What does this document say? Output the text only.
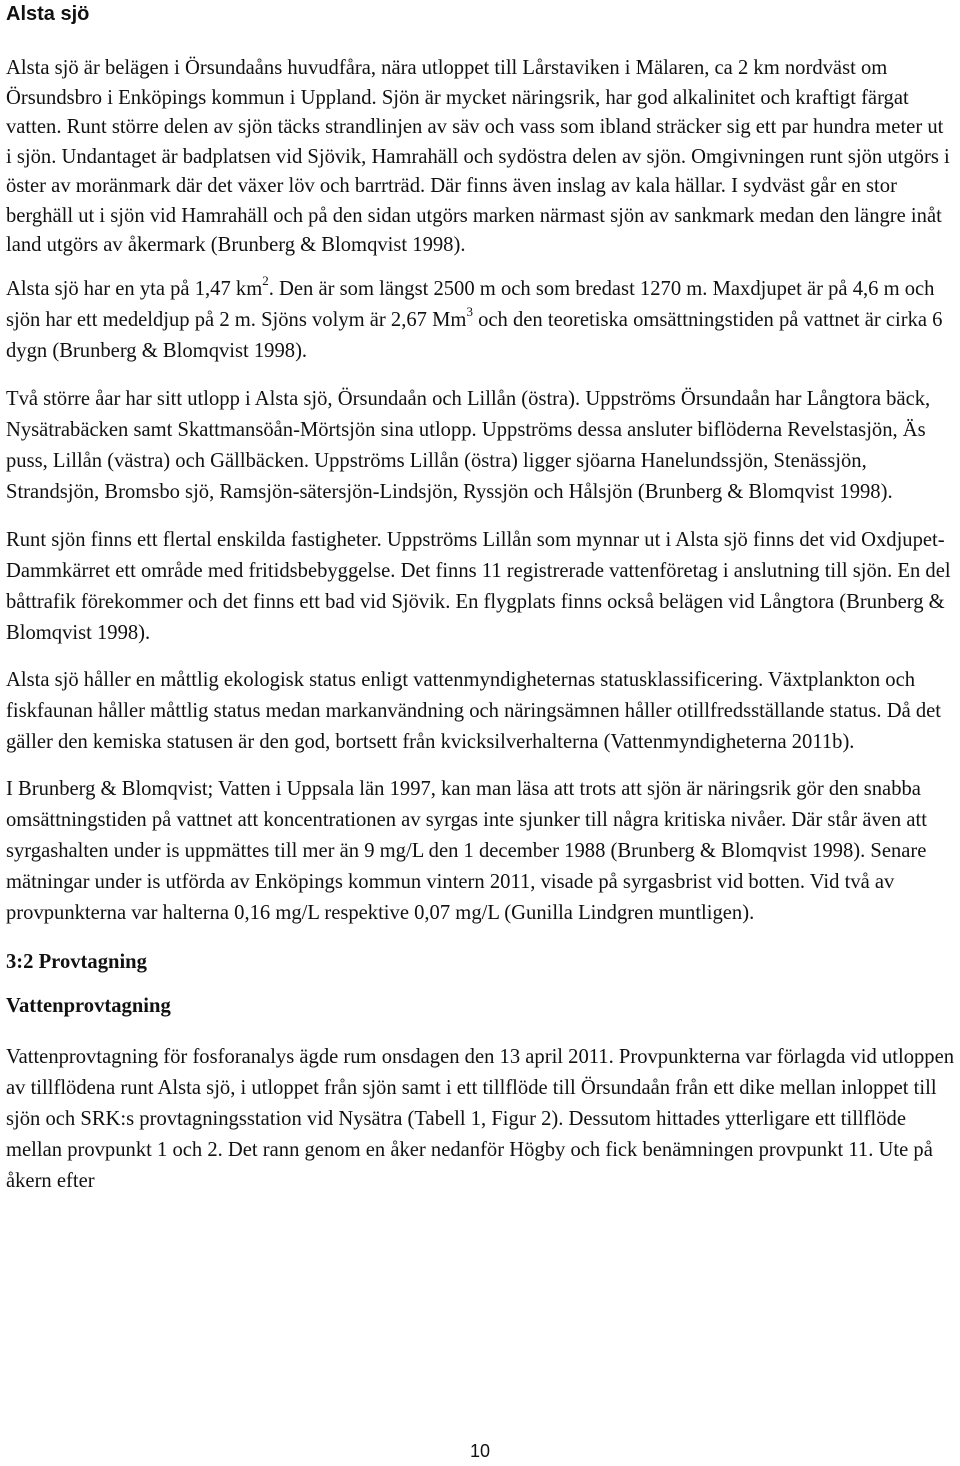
Alsta sjö

Alsta sjö är belägen i Örsundaåns huvudfåra, nära utloppet till Lårstaviken i Mälaren, ca 2 km nordväst om Örsundsbro i Enköpings kommun i Uppland. Sjön är mycket näringsrik, har god alkalinitet och kraftigt färgat vatten. Runt större delen av sjön täcks strandlinjen av säv och vass som ibland sträcker sig ett par hundra meter ut i sjön. Undantaget är badplatsen vid Sjövik, Hamrahäll och sydöstra delen av sjön. Omgivningen runt sjön utgörs i öster av moränmark där det växer löv och barrträd. Där finns även inslag av kala hällar. I sydväst går en stor berghäll ut i sjön vid Hamrahäll och på den sidan utgörs marken närmast sjön av sankmark medan den längre inåt land utgörs av åkermark (Brunberg & Blomqvist 1998).

Alsta sjö har en yta på 1,47 $km^2$. Den är som längst 2500 m och som bredast 1270 m. Maxdjupet är på 4,6 m och sjön har ett medeldjup på 2 m. Sjöns volym är 2,67 Mm$^3$ och den teoretiska omsättningstiden på vattnet är cirka 6 dygn (Brunberg & Blomqvist 1998).

Två större åar har sitt utlopp i Alsta sjö, Örsundaån och Lillån (östra). Uppströms Örsundaån har Långtora bäck, Nysätrabäcken samt Skattmansöån-Mörtsjön sina utlopp. Uppströms dessa ansluter biflöderna Revelstasjön, Äs puss, Lillån (västra) och Gällbäcken. Uppströms Lillån (östra) ligger sjöarna Hanelundssjön, Stenässjön, Strandsjön, Bromsbo sjö, Ramsjön-sätersjön-Lindsjön, Ryssjön och Hålsjön (Brunberg & Blomqvist 1998).

Runt sjön finns ett flertal enskilda fastigheter. Uppströms Lillån som mynnar ut i Alsta sjö finns det vid Oxdjupet-Dammkärret ett område med fritidsbebyggelse. Det finns 11 registrerade vattenföretag i anslutning till sjön. En del båttrafik förekommer och det finns ett bad vid Sjövik. En flygplats finns också belägen vid Långtora (Brunberg & Blomqvist 1998).

Alsta sjö håller en måttlig ekologisk status enligt vattenmyndigheternas statusklassificering. Växtplankton och fiskfaunan håller måttlig status medan markanvändning och näringsämnen håller otillfredsställande status. Då det gäller den kemiska statusen är den god, bortsett från kvicksilverhalterna (Vattenmyndigheterna 2011b).

I Brunberg & Blomqvist; Vatten i Uppsala län 1997, kan man läsa att trots att sjön är näringsrik gör den snabba omsättningstiden på vattnet att koncentrationen av syrgas inte sjunker till några kritiska nivåer. Där står även att syrgashalten under is uppmättes till mer än 9 mg/L den 1 december 1988 (Brunberg & Blomqvist 1998). Senare mätningar under is utförda av Enköpings kommun vintern 2011, visade på syrgasbrist vid botten. Vid två av provpunkterna var halterna 0,16 mg/L respektive 0,07 mg/L (Gunilla Lindgren muntligen).

3:2 Provtagning
Vattenprovtagning

Vattenprovtagning för fosforanalys ägde rum onsdagen den 13 april 2011. Provpunkterna var förlagda vid utloppen av tillflödena runt Alsta sjö, i utloppet från sjön samt i ett tillflöde till Örsundaån från ett dike mellan inloppet till sjön och SRK:s provtagningsstation vid Nysätra (Tabell 1, Figur 2). Dessutom hittades ytterligare ett tillflöde mellan provpunkt 1 och 2. Det rann genom en åker nedanför Högby och fick benämningen provpunkt 11. Ute på åkern efter

10
